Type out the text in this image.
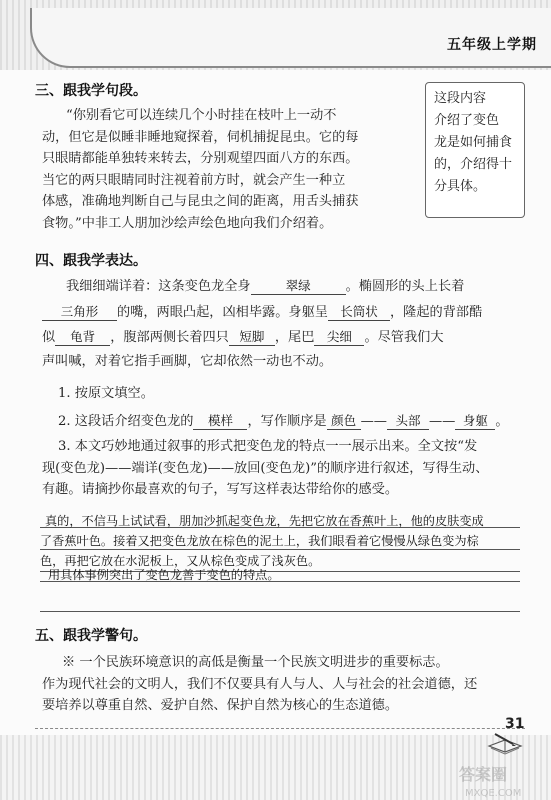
五年级上学期
三、跟我学句段。
“你别看它可以连续几个小时挂在枝叶上一动不
动，但它是似睡非睡地窥探着，伺机捕捉昆虫。它的每
只眼睛都能单独转来转去，分别观望四面八方的东西。
当它的两只眼睛同时注视着前方时，就会产生一种立
体感，准确地判断自己与昆虫之间的距离，用舌头捕获
食物。”中非工人朋加沙绘声绘色地向我们介绍着。
这段内容
介绍了变色
龙是如何捕食
的，介绍得十
分具体。
四、跟我学表达。
我细细端详着：这条变色龙全身	翠绿	。椭圆形的头上长着
三角形 的嘴，两眼凸起，凶相毕露。身躯呈 长筒状 ，隆起的背部酷
似 龟背 ，腹部两侧长着四只 短脚 ，尾巴 尖细 。尽管我们大
声叫喊，对着它指手画脚，它却依然一动也不动。
1. 按原文填空。
2. 这段话介绍变色龙的 模样 ，写作顺序是 颜色 —— 头部 —— 身躯 。
3. 本文巧妙地通过叙事的形式把变色龙的特点一一展示出来。全文按“发
现(变色龙)——端详(变色龙)——放回(变色龙)”的顺序进行叙述，写得生动、
有趣。请摘抄你最喜欢的句子，写写这样表达带给你的感受。
真的，不信马上试试看，朋加沙抓起变色龙，先把它放在香蕉叶上，他的皮肤变成
了香蕉叶色。接着又把变色龙放在棕色的泥土上，我们眼看着它慢慢从绿色变为棕
色，再把它放在水泥板上，又从棕色变成了浅灰色。
用具体事例突出了变色龙善于变色的特点。
五、跟我学警句。
※ 一个民族环境意识的高低是衡量一个民族文明进步的重要标志。
作为现代社会的文明人，我们不仅要具有人与人、人与社会的社会道德，还
要培养以尊重自然、爱护自然、保护自然为核心的生态道德。
31
答案圈
MXQE.COM
